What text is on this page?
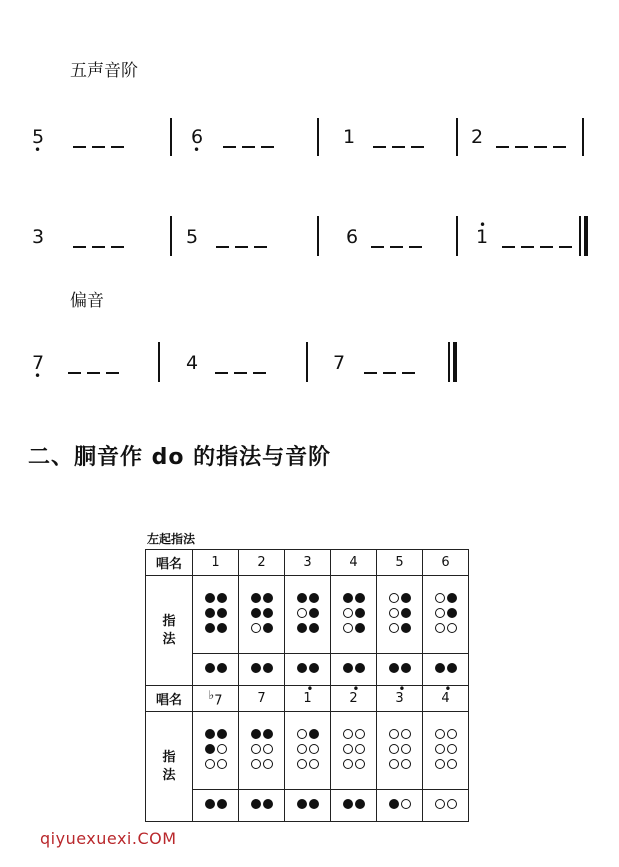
五声音阶
5 •	6 •	1	2
3	5	6	• 1
偏音
7 •	4	7
二、胴音作 do 的指法与音阶
左起指法
唱名	1	2	3	4	5	6

指法						

唱名	♭7	7	• 1	• 2	• 3	• 4

指法						

qiyuexuexi.COM
